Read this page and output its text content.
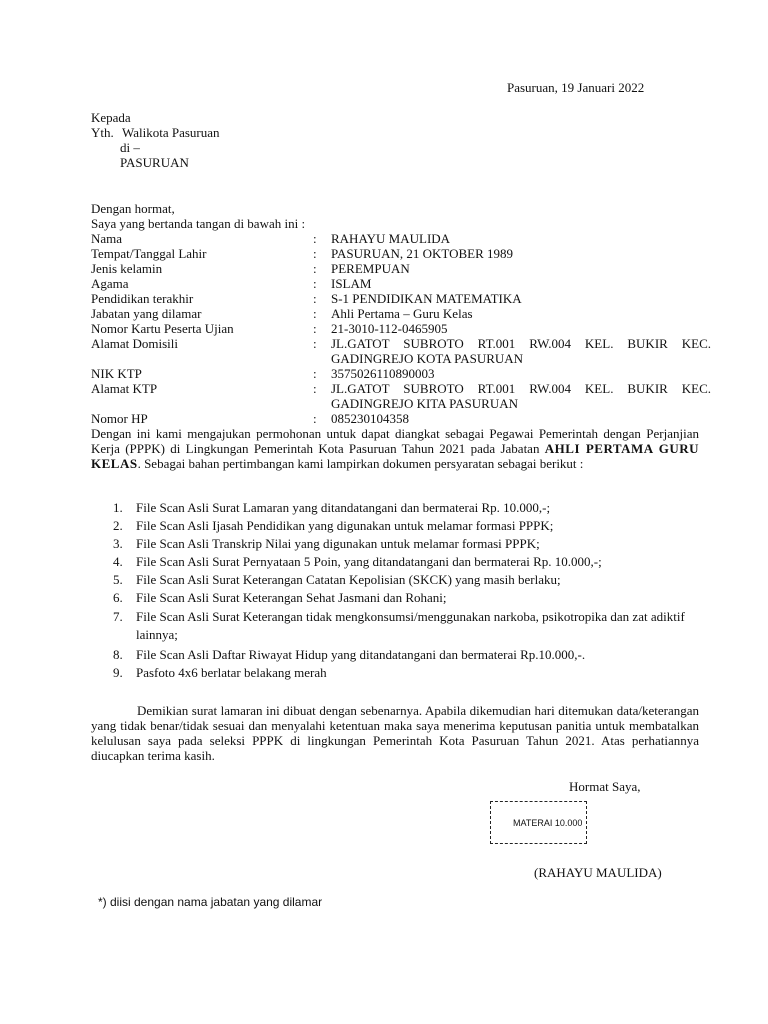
Pasuruan, 19 Januari 2022
Kepada
Yth. Walikota Pasuruan
di –
PASURUAN
Dengan hormat,
Saya yang bertanda tangan di bawah ini :
Nama	: RAHAYU MAULIDA
Tempat/Tanggal Lahir	: PASURUAN, 21 OKTOBER 1989
Jenis kelamin	: PEREMPUAN
Agama	: ISLAM
Pendidikan terakhir	: S-1 PENDIDIKAN MATEMATIKA
Jabatan yang dilamar	: Ahli Pertama – Guru Kelas
Nomor Kartu Peserta Ujian	: 21-3010-112-0465905
Alamat Domisili	: JL.GATOT SUBROTO RT.001 RW.004 KEL. BUKIR KEC. GADINGREJO KOTA PASURUAN
NIK KTP	: 3575026110890003
Alamat KTP	: JL.GATOT SUBROTO RT.001 RW.004 KEL. BUKIR KEC. GADINGREJO KITA PASURUAN
Nomor HP	: 085230104358
Dengan ini kami mengajukan permohonan untuk dapat diangkat sebagai Pegawai Pemerintah dengan Perjanjian Kerja (PPPK) di Lingkungan Pemerintah Kota Pasuruan Tahun 2021 pada Jabatan AHLI PERTAMA GURU KELAS. Sebagai bahan pertimbangan kami lampirkan dokumen persyaratan sebagai berikut :
1. File Scan Asli Surat Lamaran yang ditandatangani dan bermaterai Rp. 10.000,-;
2. File Scan Asli Ijasah Pendidikan yang digunakan untuk melamar formasi PPPK;
3. File Scan Asli Transkrip Nilai yang digunakan untuk melamar formasi PPPK;
4. File Scan Asli Surat Pernyataan 5 Poin, yang ditandatangani dan bermaterai Rp. 10.000,-;
5. File Scan Asli Surat Keterangan Catatan Kepolisian (SKCK) yang masih berlaku;
6. File Scan Asli Surat Keterangan Sehat Jasmani dan Rohani;
7. File Scan Asli Surat Keterangan tidak mengkonsumsi/menggunakan narkoba, psikotropika dan zat adiktif lainnya;
8. File Scan Asli Daftar Riwayat Hidup yang ditandatangani dan bermaterai Rp.10.000,-.
9. Pasfoto 4x6 berlatar belakang merah
Demikian surat lamaran ini dibuat dengan sebenarnya. Apabila dikemudian hari ditemukan data/keterangan yang tidak benar/tidak sesuai dan menyalahi ketentuan maka saya menerima keputusan panitia untuk membatalkan kelulusan saya pada seleksi PPPK di lingkungan Pemerintah Kota Pasuruan Tahun 2021. Atas perhatiannya diucapkan terima kasih.
Hormat Saya,
MATERAI 10.000
(RAHAYU MAULIDA)
*) diisi dengan nama jabatan yang dilamar
